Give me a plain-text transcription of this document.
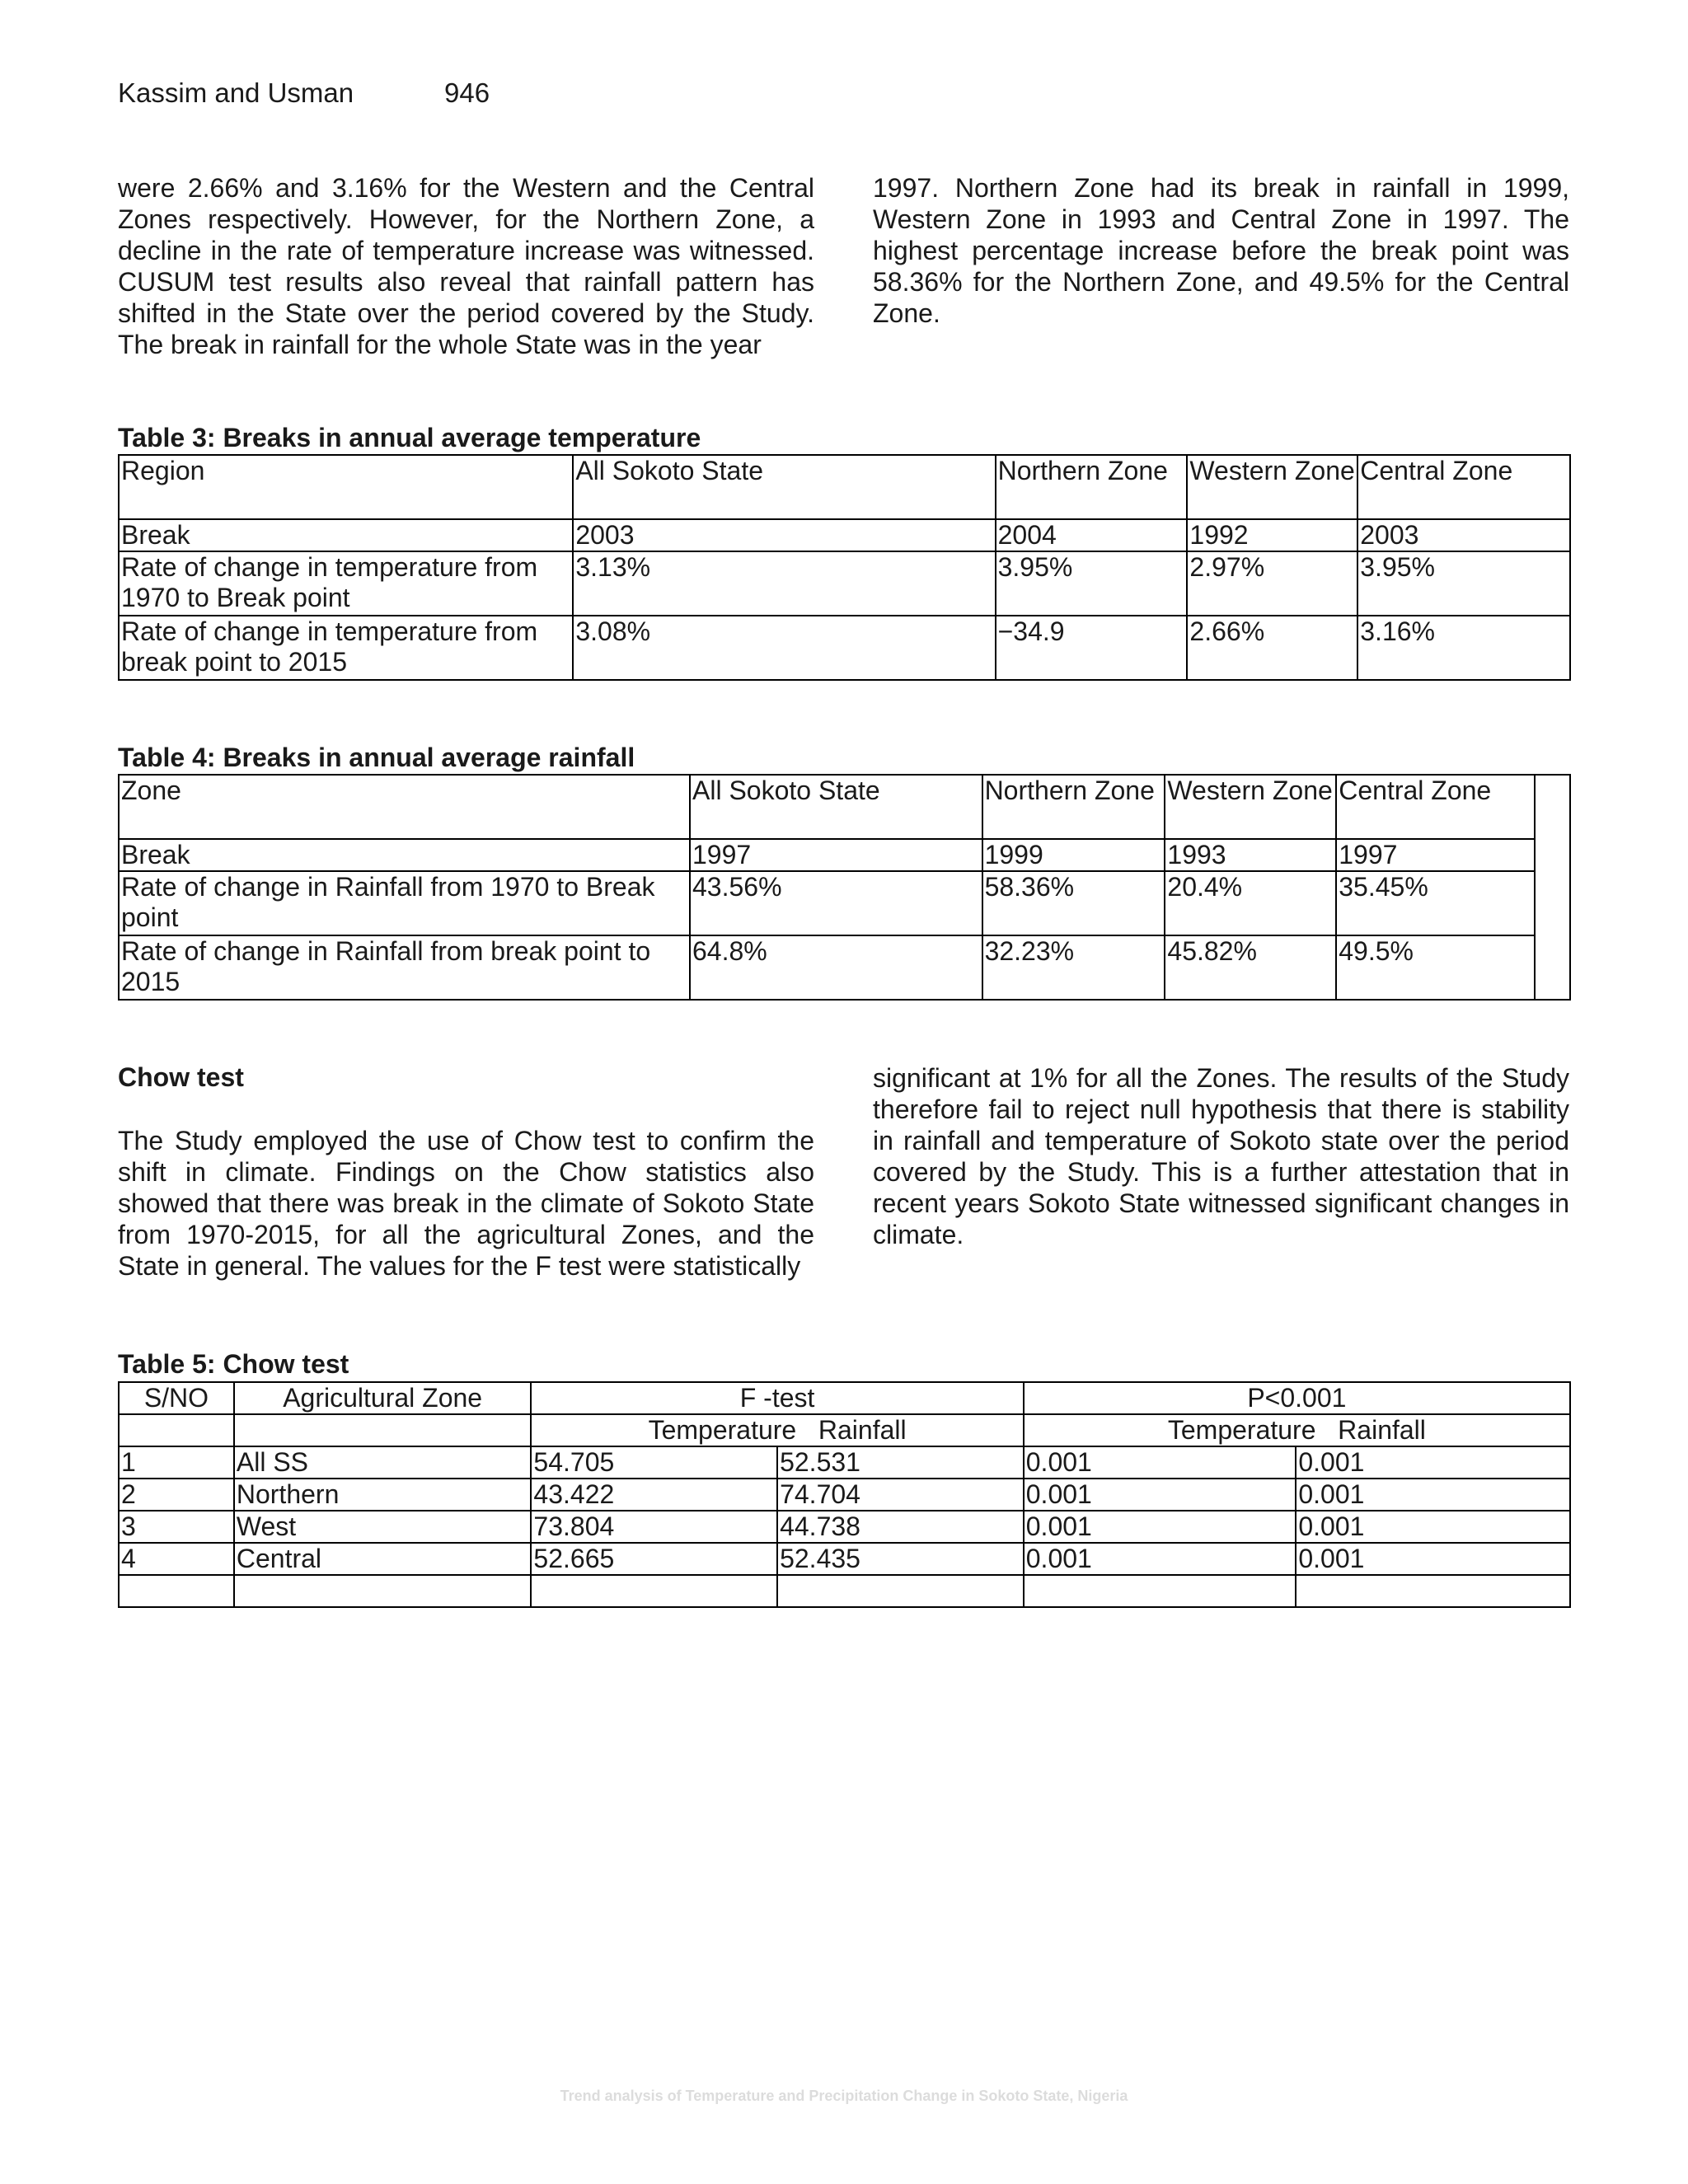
Kassim and Usman	946

were 2.66% and 3.16% for the Western and the Central Zones respectively. However, for the Northern Zone, a decline in the rate of temperature increase was witnessed. CUSUM test results also reveal that rainfall pattern has shifted in the State over the period covered by the Study. The break in rainfall for the whole State was in the year

1997. Northern Zone had its break in rainfall in 1999, Western Zone in 1993 and Central Zone in 1997. The highest percentage increase before the break point was 58.36% for the Northern Zone, and 49.5% for the Central Zone.

Table 3: Breaks in annual average temperature
Region	All Sokoto State	Northern Zone	Western Zone	Central Zone
Break	2003	2004	1992	2003
Rate of change in temperature from 1970 to Break point	3.13%	3.95%	2.97%	3.95%
Rate of change in temperature from break point to 2015	3.08%	−34.9	2.66%	3.16%
Table 4: Breaks in annual average rainfall
Zone	All Sokoto State	Northern Zone	Western Zone	Central Zone	
Break	1997	1999	1993	1997	
Rate of change in Rainfall from 1970 to Break point	43.56%	58.36%	20.4%	35.45%	
Rate of change in Rainfall from break point to 2015	64.8%	32.23%	45.82%	49.5%	
Chow test

The Study employed the use of Chow test to confirm the shift in climate. Findings on the Chow statistics also showed that there was break in the climate of Sokoto State from 1970-2015, for all the agricultural Zones, and the State in general. The values for the F test were statistically

significant at 1% for all the Zones. The results of the Study therefore fail to reject null hypothesis that there is stability in rainfall and temperature of Sokoto state over the period covered by the Study. This is a further attestation that in recent years Sokoto State witnessed significant changes in climate.

Table 5: Chow test
S/NO	Agricultural Zone	F -test		P<0.001	
		Temperature   Rainfall		Temperature   Rainfall	
1	All SS	54.705	52.531	0.001	0.001
2	Northern	43.422	74.704	0.001	0.001
3	West	73.804	44.738	0.001	0.001
4	Central	52.665	52.435	0.001	0.001

Trend analysis of Temperature and Precipitation Change in Sokoto State, Nigeria
